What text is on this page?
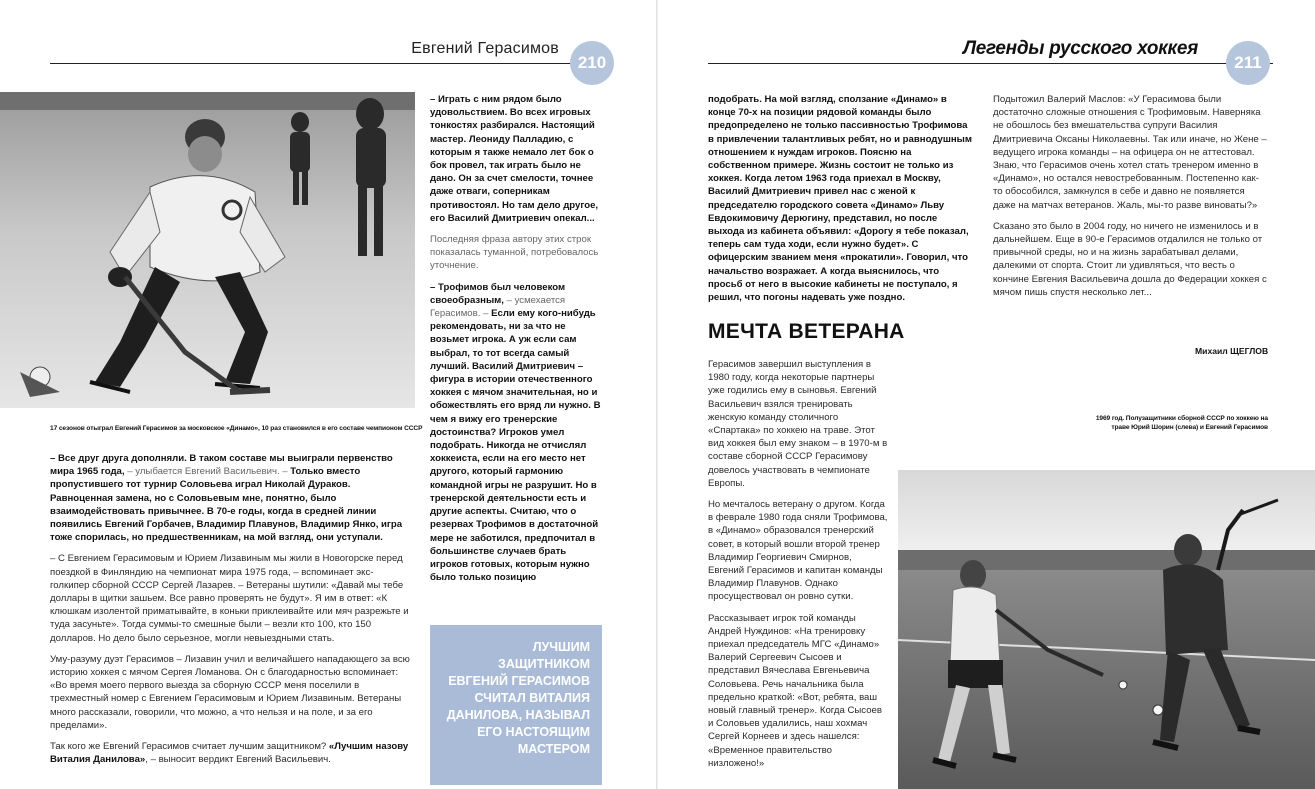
Евгений Герасимов
210
17 сезонов отыграл Евгений Герасимов за московское «Динамо», 10 раз становился в его составе чемпионом СССР

– Все друг друга дополняли. В таком составе мы выиграли первенство мира 1965 года, – улыбается Евгений Васильевич. – Только вместо пропустившего тот турнир Соловьева играл Николай Дураков. Равноценная замена, но с Соловьевым мне, понятно, было взаимодействовать привычнее. В 70-е годы, когда в средней линии появились Евгений Горбачев, Владимир Плавунов, Владимир Янко, игра тоже спорилась, но предшественникам, на мой взгляд, они уступали.

– С Евгением Герасимовым и Юрием Лизавиным мы жили в Новогорске перед поездкой в Финляндию на чемпионат мира 1975 года, – вспоминает экс-голкипер сборной СССР Сергей Лазарев. – Ветераны шутили: «Давай мы тебе доллары в щитки зашьем. Все равно проверять не будут». Я им в ответ: «К клюшкам изолентой приматывайте, в коньки приклеивайте или мяч разрежьте и туда засуньте». Тогда суммы-то смешные были – везли кто 100, кто 150 долларов. Но дело было серьезное, могли невыездными стать.

Уму-разуму дуэт Герасимов – Лизавин учил и величайшего нападающего за всю историю хоккея с мячом Сергея Ломанова. Он с благодарностью вспоминает: «Во время моего первого выезда за сборную СССР меня поселили в трехместный номер с Евгением Герасимовым и Юрием Лизавиным. Ветераны много рассказали, говорили, что можно, а что нельзя и на поле, и за его пределами».

Так кого же Евгений Герасимов считает лучшим защитником? «Лучшим назову Виталия Данилова», – выносит вердикт Евгений Васильевич.

– Играть с ним рядом было удовольствием. Во всех игровых тонкостях разбирался. Настоящий мастер. Леониду Палладию, с которым я также немало лет бок о бок провел, так играть было не дано. Он за счет смелости, точнее даже отваги, соперникам противостоял. Но там дело другое, его Василий Дмитриевич опекал...

Последняя фраза автору этих строк показалась туманной, потребовалось уточнение.

– Трофимов был человеком своеобразным, – усмехается Герасимов. – Если ему кого-нибудь рекомендовать, ни за что не возьмет игрока. А уж если сам выбрал, то тот всегда самый лучший. Василий Дмитриевич – фигура в истории отечественного хоккея с мячом значительная, но и обожествлять его вряд ли нужно. В чем я вижу его тренерские достоинства? Игроков умел подобрать. Никогда не отчислял хоккеиста, если на его место нет другого, который гармонию командной игры не разрушит. Но в тренерской деятельности есть и другие аспекты. Считаю, что о резервах Трофимов в достаточной мере не заботился, предпочитал в большинстве случаев брать игроков готовых, которым нужно было только позицию

ЛУЧШИМ ЗАЩИТНИКОМ ЕВГЕНИЙ ГЕРАСИМОВ СЧИТАЛ ВИТАЛИЯ ДАНИЛОВА, НАЗЫВАЛ ЕГО НАСТОЯЩИМ МАСТЕРОМ
Легенды русского хоккея
211

подобрать. На мой взгляд, сползание «Динамо» в конце 70-х на позиции рядовой команды было предопределено не только пассивностью Трофимова в привлечении талантливых ребят, но и равнодушным отношением к нуждам игроков. Поясню на собственном примере. Жизнь состоит не только из хоккея. Когда летом 1963 года приехал в Москву, Василий Дмитриевич привел нас с женой к председателю городского совета «Динамо» Льву Евдокимовичу Дерюгину, представил, но после выхода из кабинета объявил: «Дорогу я тебе показал, теперь сам туда ходи, если нужно будет». С офицерским званием меня «прокатили». Говорил, что начальство возражает. А когда выяснилось, что просьб от него в высокие кабинеты не поступало, я решил, что погоны надевать уже поздно.

Подытожил Валерий Маслов: «У Герасимова были достаточно сложные отношения с Трофимовым. Наверняка не обошлось без вмешательства супруги Василия Дмитриевича Оксаны Николаевны. Так или иначе, но Жене – ведущего игрока команды – на офицера он не аттестовал. Знаю, что Герасимов очень хотел стать тренером именно в «Динамо», но остался невостребованным. Постепенно как-то обособился, замкнулся в себе и давно не появляется даже на матчах ветеранов. Жаль, мы-то разве виноваты?»

Сказано это было в 2004 году, но ничего не изменилось и в дальнейшем. Еще в 90-е Герасимов отдалился не только от привычной среды, но и на жизнь зарабатывал делами, далекими от спорта. Стоит ли удивляться, что весть о кончине Евгения Васильевича дошла до Федерации хоккея с мячом пишь спустя несколько лет...

Михаил ЩЕГЛОВ
МЕЧТА ВЕТЕРАНА

Герасимов завершил выступления в 1980 году, когда некоторые партнеры уже годились ему в сыновья. Евгений Васильевич взялся тренировать женскую команду столичного «Спартака» по хоккею на траве. Этот вид хоккея был ему знаком – в 1970-м в составе сборной СССР Герасимову довелось участвовать в чемпионате Европы.

Но мечталось ветерану о другом. Когда в феврале 1980 года сняли Трофимова, в «Динамо» образовался тренерский совет, в который вошли второй тренер Владимир Георгиевич Смирнов, Евгений Герасимов и капитан команды Владимир Плавунов. Однако просуществовал он ровно сутки.

Рассказывает игрок той команды Андрей Нуждинов: «На тренировку приехал председатель МГС «Динамо» Валерий Сергеевич Сысоев и представил Вячеслава Евгеньевича Соловьева. Речь начальника была предельно краткой: «Вот, ребята, ваш новый главный тренер». Когда Сысоев и Соловьев удалились, наш хохмач Сергей Корнеев и здесь нашелся: «Временное правительство низложено!»

1969 год. Полузащитники сборной СССР по хоккею на траве Юрий Шорин (слева) и Евгений Герасимов
